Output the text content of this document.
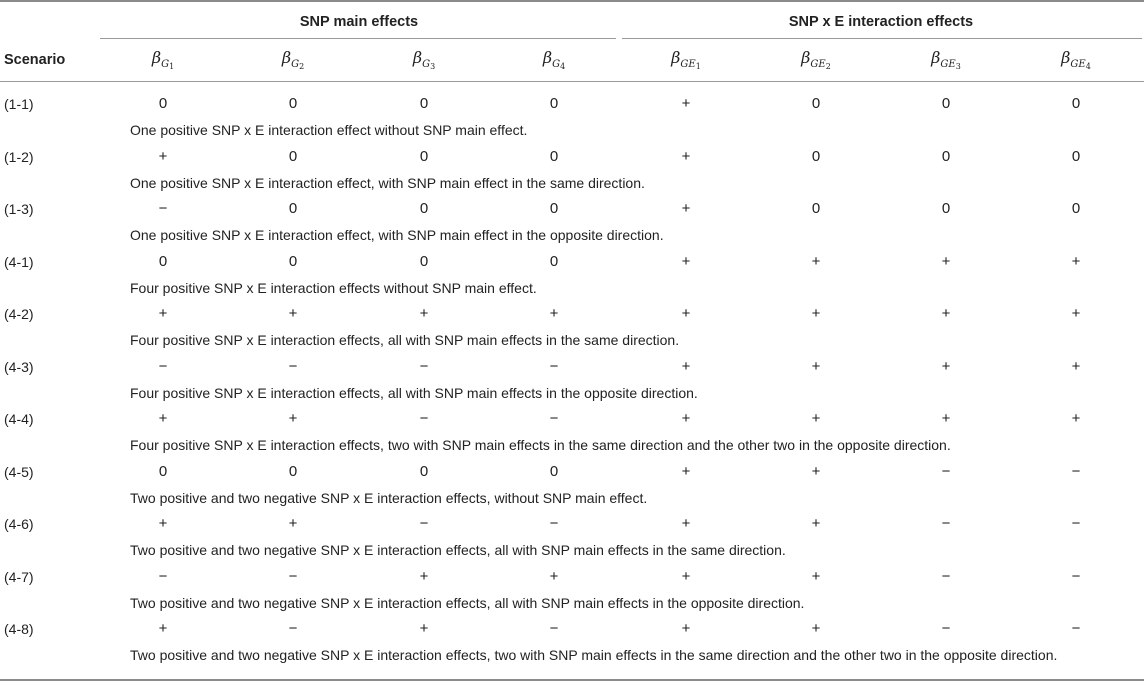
SNP main effects	SNP x E interaction effects
Scenario	$\beta_{G_1}$	$\beta_{G_2}$	$\beta_{G_3}$	$\beta_{G_4}$	$\beta_{GE_1}$	$\beta_{GE_2}$	$\beta_{GE_3}$	$\beta_{GE_4}$
(1-1)	0	0	0	0	+	0	0	0
One positive SNP x E interaction effect without SNP main effect.
(1-2)	+	0	0	0	+	0	0	0
One positive SNP x E interaction effect, with SNP main effect in the same direction.
(1-3)	−	0	0	0	+	0	0	0
One positive SNP x E interaction effect, with SNP main effect in the opposite direction.
(4-1)	0	0	0	0	+	+	+	+
Four positive SNP x E interaction effects without SNP main effect.
(4-2)	+	+	+	+	+	+	+	+
Four positive SNP x E interaction effects, all with SNP main effects in the same direction.
(4-3)	−	−	−	−	+	+	+	+
Four positive SNP x E interaction effects, all with SNP main effects in the opposite direction.
(4-4)	+	+	−	−	+	+	+	+
Four positive SNP x E interaction effects, two with SNP main effects in the same direction and the other two in the opposite direction.
(4-5)	0	0	0	0	+	+	−	−
Two positive and two negative SNP x E interaction effects, without SNP main effect.
(4-6)	+	+	−	−	+	+	−	−
Two positive and two negative SNP x E interaction effects, all with SNP main effects in the same direction.
(4-7)	−	−	+	+	+	+	−	−
Two positive and two negative SNP x E interaction effects, all with SNP main effects in the opposite direction.
(4-8)	+	−	+	−	+	+	−	−
Two positive and two negative SNP x E interaction effects, two with SNP main effects in the same direction and the other two in the opposite direction.
